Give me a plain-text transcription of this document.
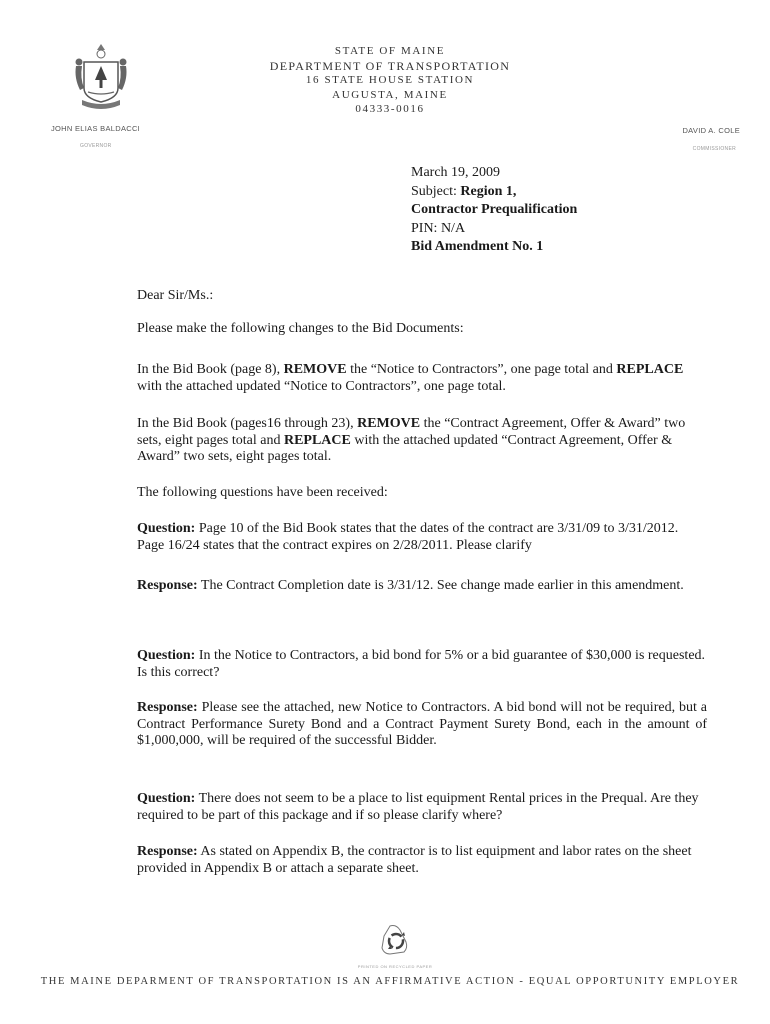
STATE OF MAINE
DEPARTMENT OF TRANSPORTATION
16 STATE HOUSE STATION
AUGUSTA, MAINE
04333-0016
JOHN ELIAS BALDACCI
GOVERNOR
DAVID A. COLE
COMMISSIONER
March 19, 2009
Subject: Region 1,
Contractor Prequalification
PIN: N/A
Bid Amendment No. 1

Dear Sir/Ms.:

Please make the following changes to the Bid Documents:

In the Bid Book (page 8), REMOVE the “Notice to Contractors”, one page total and REPLACE with the attached updated “Notice to Contractors”, one page total.

In the Bid Book (pages16 through 23), REMOVE the “Contract Agreement, Offer & Award” two sets, eight pages total and REPLACE with the attached updated “Contract Agreement, Offer & Award” two sets, eight pages total.

The following questions have been received:

Question: Page 10 of the Bid Book states that the dates of the contract are 3/31/09 to 3/31/2012. Page 16/24 states that the contract expires on 2/28/2011. Please clarify

Response: The Contract Completion date is 3/31/12. See change made earlier in this amendment.

Question: In the Notice to Contractors, a bid bond for 5% or a bid guarantee of $30,000 is requested. Is this correct?

Response: Please see the attached, new Notice to Contractors. A bid bond will not be required, but a Contract Performance Surety Bond and a Contract Payment Surety Bond, each in the amount of $1,000,000, will be required of the successful Bidder.

Question: There does not seem to be a place to list equipment Rental prices in the Prequal. Are they required to be part of this package and if so please clarify where?

Response: As stated on Appendix B, the contractor is to list equipment and labor rates on the sheet provided in Appendix B or attach a separate sheet.

PRINTED ON RECYCLED PAPER
THE MAINE DEPARMENT OF TRANSPORTATION IS AN AFFIRMATIVE ACTION - EQUAL OPPORTUNITY EMPLOYER
